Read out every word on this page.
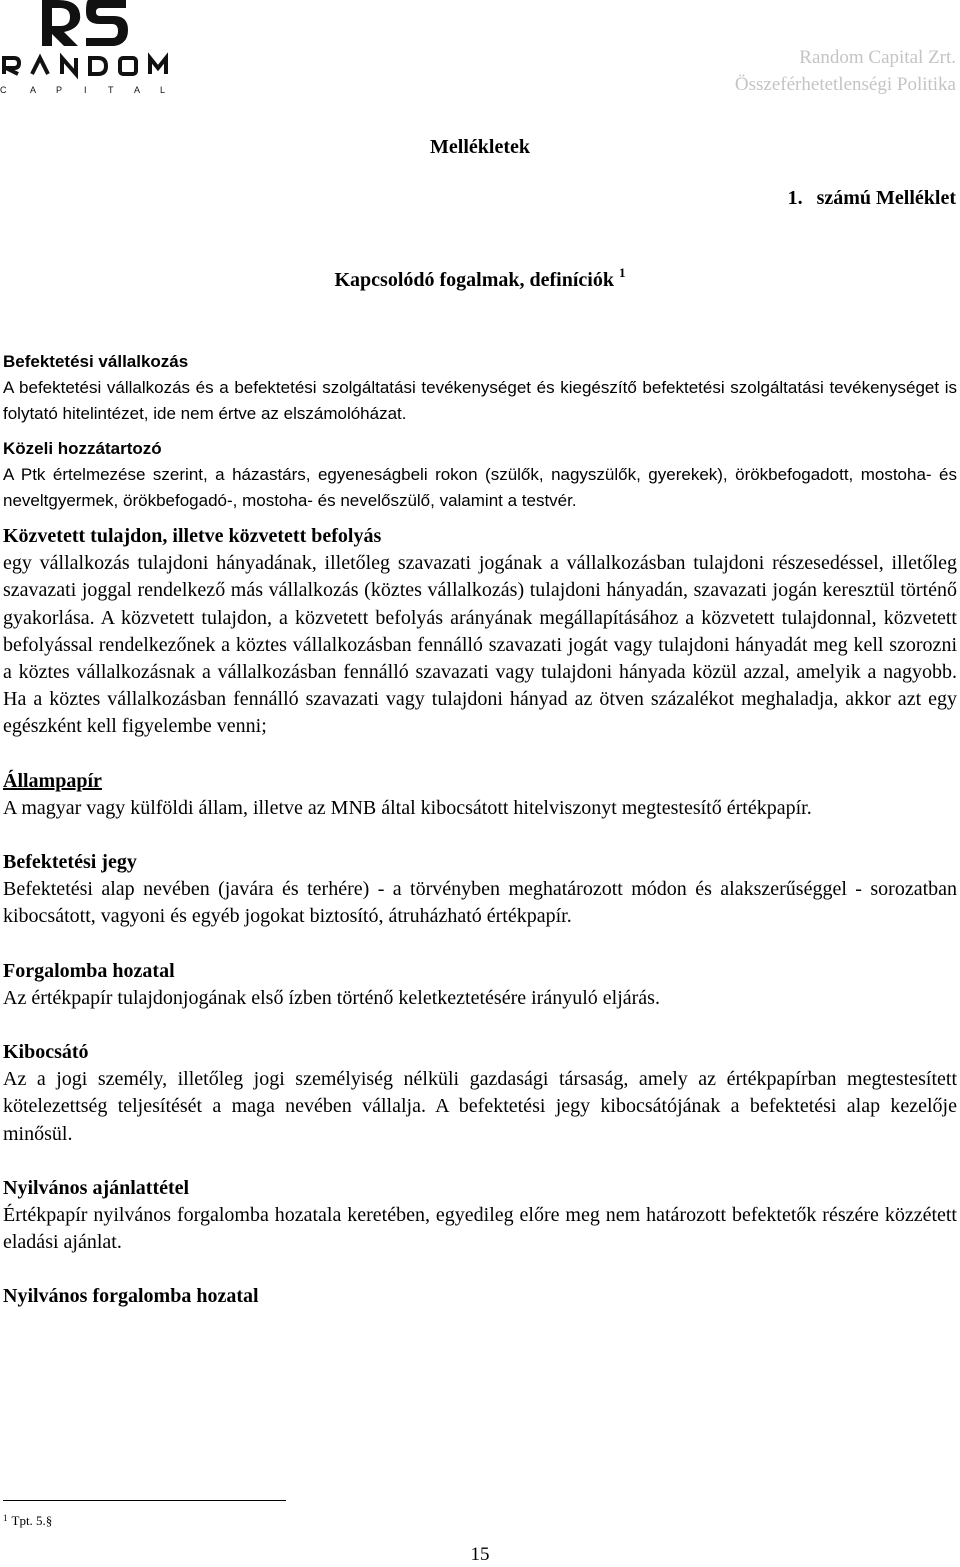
C	A P I T A L
Random Capital Zrt.
Összeférhetetlenségi Politika
Mellékletek
1. számú Melléklet
Kapcsolódó fogalmak, definíciók $^1$

Befektetési vállalkozás

A befektetési vállalkozás és a befektetési szolgáltatási tevékenységet és kiegészítő befektetési szolgáltatási tevékenységet is folytató hitelintézet, ide nem értve az elszámolóházat.

Közeli hozzátartozó

A Ptk értelmezése szerint, a házastárs, egyeneságbeli rokon (szülők, nagyszülők, gyerekek), örökbefogadott, mostoha- és neveltgyermek, örökbefogadó-, mostoha- és nevelőszülő, valamint a testvér.

Közvetett tulajdon, illetve közvetett befolyás

egy vállalkozás tulajdoni hányadának, illetőleg szavazati jogának a vállalkozásban tulajdoni részesedéssel, illetőleg szavazati joggal rendelkező más vállalkozás (köztes vállalkozás) tulajdoni hányadán, szavazati jogán keresztül történő gyakorlása. A közvetett tulajdon, a közvetett befolyás arányának megállapításához a közvetett tulajdonnal, közvetett befolyással rendelkezőnek a köztes vállalkozásban fennálló szavazati jogát vagy tulajdoni hányadát meg kell szorozni a köztes vállalkozásnak a vállalkozásban fennálló szavazati vagy tulajdoni hányada közül azzal, amelyik a nagyobb. Ha a köztes vállalkozásban fennálló szavazati vagy tulajdoni hányad az ötven százalékot meghaladja, akkor azt egy egészként kell figyelembe venni;

Állampapír

A magyar vagy külföldi állam, illetve az MNB által kibocsátott hitelviszonyt megtestesítő értékpapír.

Befektetési jegy

Befektetési alap nevében (javára és terhére) - a törvényben meghatározott módon és alakszerűséggel - sorozatban kibocsátott, vagyoni és egyéb jogokat biztosító, átruházható értékpapír.

Forgalomba hozatal

Az értékpapír tulajdonjogának első ízben történő keletkeztetésére irányuló eljárás.

Kibocsátó

Az a jogi személy, illetőleg jogi személyiség nélküli gazdasági társaság, amely az értékpapírban megtestesített kötelezettség teljesítését a maga nevében vállalja. A befektetési jegy kibocsátójának a befektetési alap kezelője minősül.

Nyilvános ajánlattétel

Értékpapír nyilvános forgalomba hozatala keretében, egyedileg előre meg nem határozott befektetők részére közzétett eladási ajánlat.

Nyilvános forgalomba hozatal

$^1$ Tpt. 5.§
15
